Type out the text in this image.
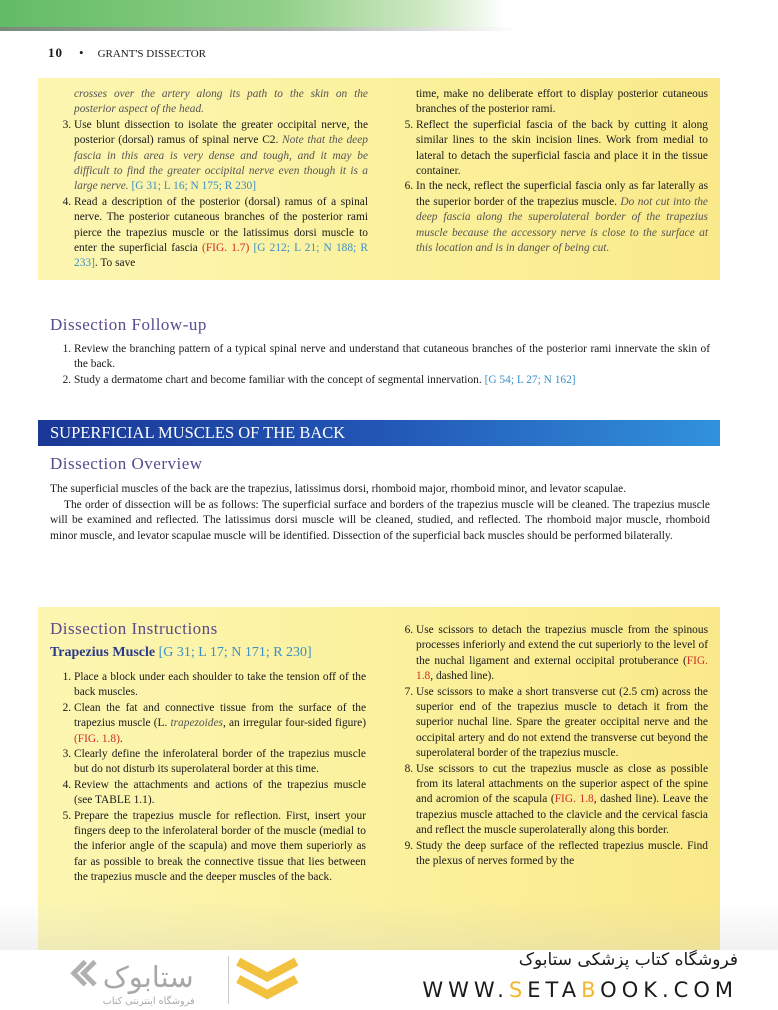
10 • GRANT'S DISSECTOR
crosses over the artery along its path to the skin on the posterior aspect of the head.
3. Use blunt dissection to isolate the greater occipital nerve, the posterior (dorsal) ramus of spinal nerve C2. Note that the deep fascia in this area is very dense and tough, and it may be difficult to find the greater occipital nerve even though it is a large nerve. [G 31; L 16; N 175; R 230]
4. Read a description of the posterior (dorsal) ramus of a spinal nerve. The posterior cutaneous branches of the posterior rami pierce the trapezius muscle or the latissimus dorsi muscle to enter the superficial fascia (FIG. 1.7) [G 212; L 21; N 188; R 233]. To save
time, make no deliberate effort to display posterior cutaneous branches of the posterior rami.
5. Reflect the superficial fascia of the back by cutting it along similar lines to the skin incision lines. Work from medial to lateral to detach the superficial fascia and place it in the tissue container.
6. In the neck, reflect the superficial fascia only as far laterally as the superior border of the trapezius muscle. Do not cut into the deep fascia along the superolateral border of the trapezius muscle because the accessory nerve is close to the surface at this location and is in danger of being cut.
Dissection Follow-up
1. Review the branching pattern of a typical spinal nerve and understand that cutaneous branches of the posterior rami innervate the skin of the back.
2. Study a dermatome chart and become familiar with the concept of segmental innervation. [G 54; L 27; N 162]
SUPERFICIAL MUSCLES OF THE BACK
Dissection Overview

The superficial muscles of the back are the trapezius, latissimus dorsi, rhomboid major, rhomboid minor, and levator scapulae.

The order of dissection will be as follows: The superficial surface and borders of the trapezius muscle will be cleaned. The trapezius muscle will be examined and reflected. The latissimus dorsi muscle will be cleaned, studied, and reflected. The rhomboid major muscle, rhomboid minor muscle, and levator scapulae muscle will be identified. Dissection of the superficial back muscles should be performed bilaterally.

Dissection Instructions
Trapezius Muscle [G 31; L 17; N 171; R 230]
1. Place a block under each shoulder to take the tension off of the back muscles.
2. Clean the fat and connective tissue from the surface of the trapezius muscle (L. trapezoides, an irregular four-sided figure) (FIG. 1.8).
3. Clearly define the inferolateral border of the trapezius muscle but do not disturb its superolateral border at this time.
4. Review the attachments and actions of the trapezius muscle (see TABLE 1.1).
5. Prepare the trapezius muscle for reflection. First, insert your fingers deep to the inferolateral border of the muscle (medial to the inferior angle of the scapula) and move them superiorly as far as possible to break the connective tissue that lies between the trapezius muscle and the deeper muscles of the back.
6. Use scissors to detach the trapezius muscle from the spinous processes inferiorly and extend the cut superiorly to the level of the nuchal ligament and external occipital protuberance (FIG. 1.8, dashed line).
7. Use scissors to make a short transverse cut (2.5 cm) across the superior end of the trapezius muscle to detach it from the superior nuchal line. Spare the greater occipital nerve and the occipital artery and do not extend the transverse cut beyond the superolateral border of the trapezius muscle.
8. Use scissors to cut the trapezius muscle as close as possible from its lateral attachments on the superior aspect of the spine and acromion of the scapula (FIG. 1.8, dashed line). Leave the trapezius muscle attached to the clavicle and the cervical fascia and reflect the muscle superolaterally along this border.
9. Study the deep surface of the reflected trapezius muscle. Find the plexus of nerves formed by the
ستابوک
فروشگاه اینترنتی کتاب
فروشگاه کتاب پزشکی ستابوک
WWW.SETABOOK.COM
